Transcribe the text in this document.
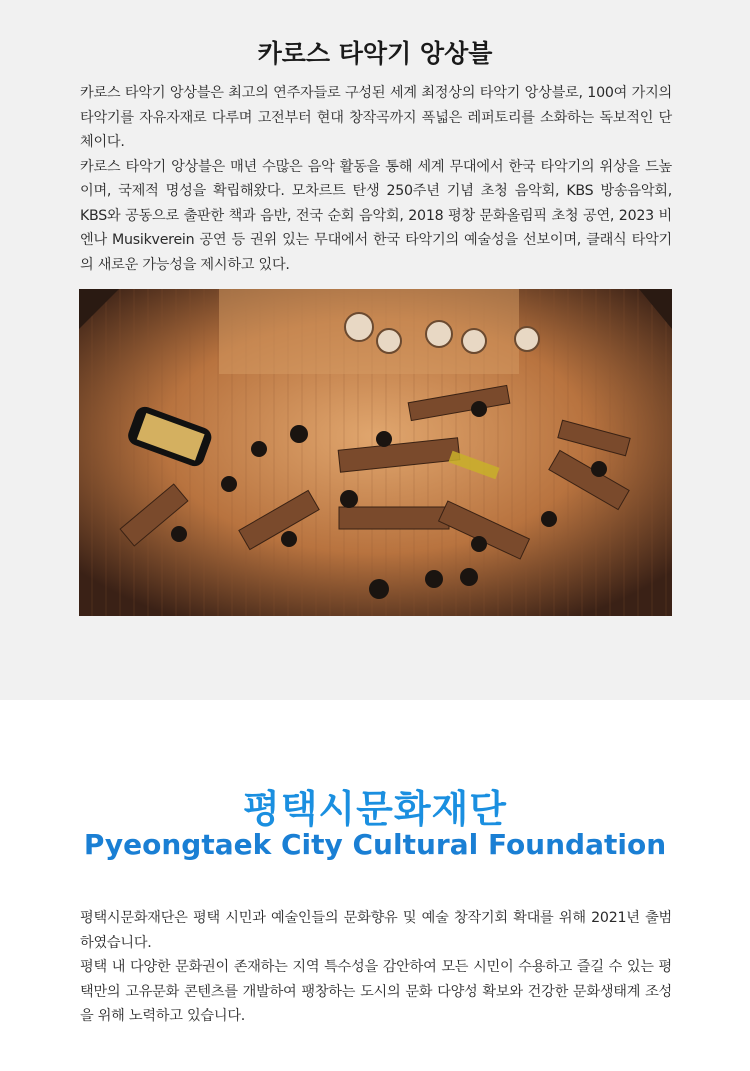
카로스 타악기 앙상블

카로스 타악기 앙상블은 최고의 연주자들로 구성된 세계 최정상의 타악기 앙상블로, 100여 가지의 타악기를 자유자재로 다루며 고전부터 현대 창작곡까지 폭넓은 레퍼토리를 소화하는 독보적인 단체이다.

카로스 타악기 앙상블은 매년 수많은 음악 활동을 통해 세계 무대에서 한국 타악기의 위상을 드높이며, 국제적 명성을 확립해왔다. 모차르트 탄생 250주년 기념 초청 음악회, KBS 방송음악회, KBS와 공동으로 출판한 책과 음반, 전국 순회 음악회, 2018 평창 문화올림픽 초청 공연, 2023 비엔나 Musikverein 공연 등 권위 있는 무대에서 한국 타악기의 예술성을 선보이며, 클래식 타악기의 새로운 가능성을 제시하고 있다.

평택시문화재단
Pyeongtaek City Cultural Foundation

평택시문화재단은 평택 시민과 예술인들의 문화향유 및 예술 창작기회 확대를 위해 2021년 출범하였습니다.

평택 내 다양한 문화권이 존재하는 지역 특수성을 감안하여 모든 시민이 수용하고 즐길 수 있는 평택만의 고유문화 콘텐츠를 개발하여 팽창하는 도시의 문화 다양성 확보와 건강한 문화생태계 조성을 위해 노력하고 있습니다.
